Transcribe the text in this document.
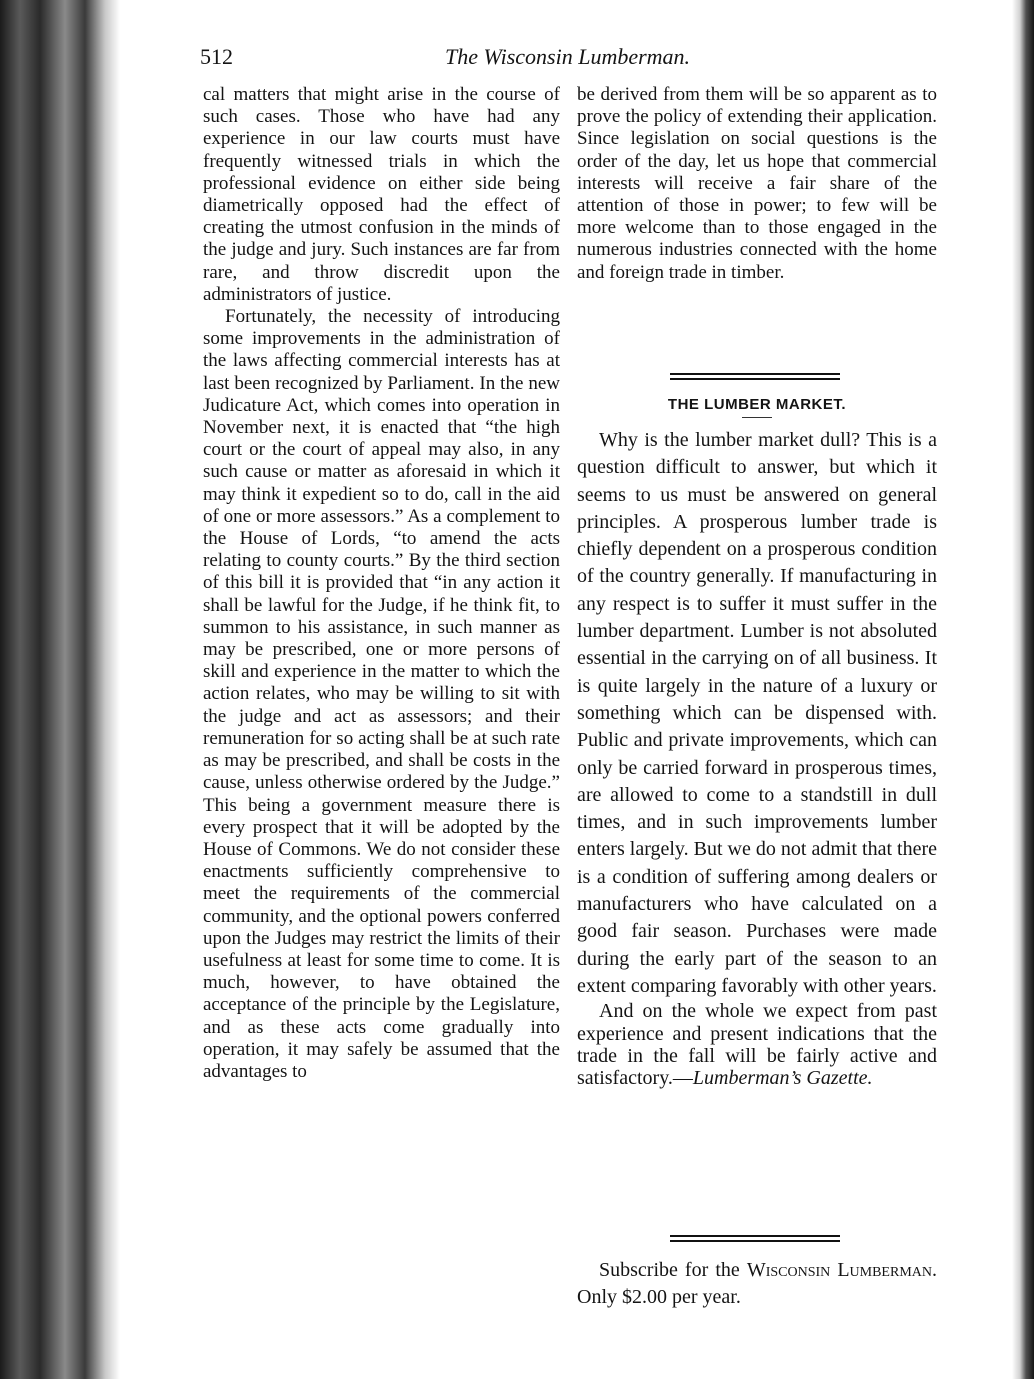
512	The Wisconsin Lumberman.

cal matters that might arise in the course of such cases. Those who have had any experience in our law courts must have frequently witnessed trials in which the professional evidence on either side being diametrically opposed had the effect of creating the utmost confusion in the minds of the judge and jury. Such instances are far from rare, and throw discredit upon the administrators of justice.

Fortunately, the necessity of introducing some improvements in the administration of the laws affecting commercial interests has at last been recognized by Parliament. In the new Judicature Act, which comes into operation in November next, it is enacted that “the high court or the court of appeal may also, in any such cause or matter as aforesaid in which it may think it expedient so to do, call in the aid of one or more assessors.” As a complement to the House of Lords, “to amend the acts relating to county courts.” By the third section of this bill it is provided that “in any action it shall be lawful for the Judge, if he think fit, to summon to his assistance, in such manner as may be prescribed, one or more persons of skill and experience in the matter to which the action relates, who may be willing to sit with the judge and act as assessors; and their remuneration for so acting shall be at such rate as may be prescribed, and shall be costs in the cause, unless otherwise ordered by the Judge.” This being a government measure there is every prospect that it will be adopted by the House of Commons. We do not consider these enactments sufficiently comprehensive to meet the requirements of the commercial community, and the optional powers conferred upon the Judges may restrict the limits of their usefulness at least for some time to come. It is much, however, to have obtained the acceptance of the principle by the Legislature, and as these acts come gradually into operation, it may safely be assumed that the advantages to

be derived from them will be so apparent as to prove the policy of extending their application. Since legislation on social questions is the order of the day, let us hope that commercial interests will receive a fair share of the attention of those in power; to few will be more welcome than to those engaged in the numerous industries connected with the home and foreign trade in timber.

THE LUMBER MARKET.

Why is the lumber market dull? This is a question difficult to answer, but which it seems to us must be answered on general principles. A prosperous lumber trade is chiefly dependent on a prosperous condition of the country generally. If manufacturing in any respect is to suffer it must suffer in the lumber department. Lumber is not absoluted essential in the carrying on of all business. It is quite largely in the nature of a luxury or something which can be dispensed with. Public and private improvements, which can only be carried forward in prosperous times, are allowed to come to a standstill in dull times, and in such improvements lumber enters largely. But we do not admit that there is a condition of suffering among dealers or manufacturers who have calculated on a good fair season. Purchases were made during the early part of the season to an extent comparing favorably with other years.

And on the whole we expect from past experience and present indications that the trade in the fall will be fairly active and satisfactory.—Lumberman’s Gazette.

Subscribe for the Wisconsin Lumberman. Only $2.00 per year.
